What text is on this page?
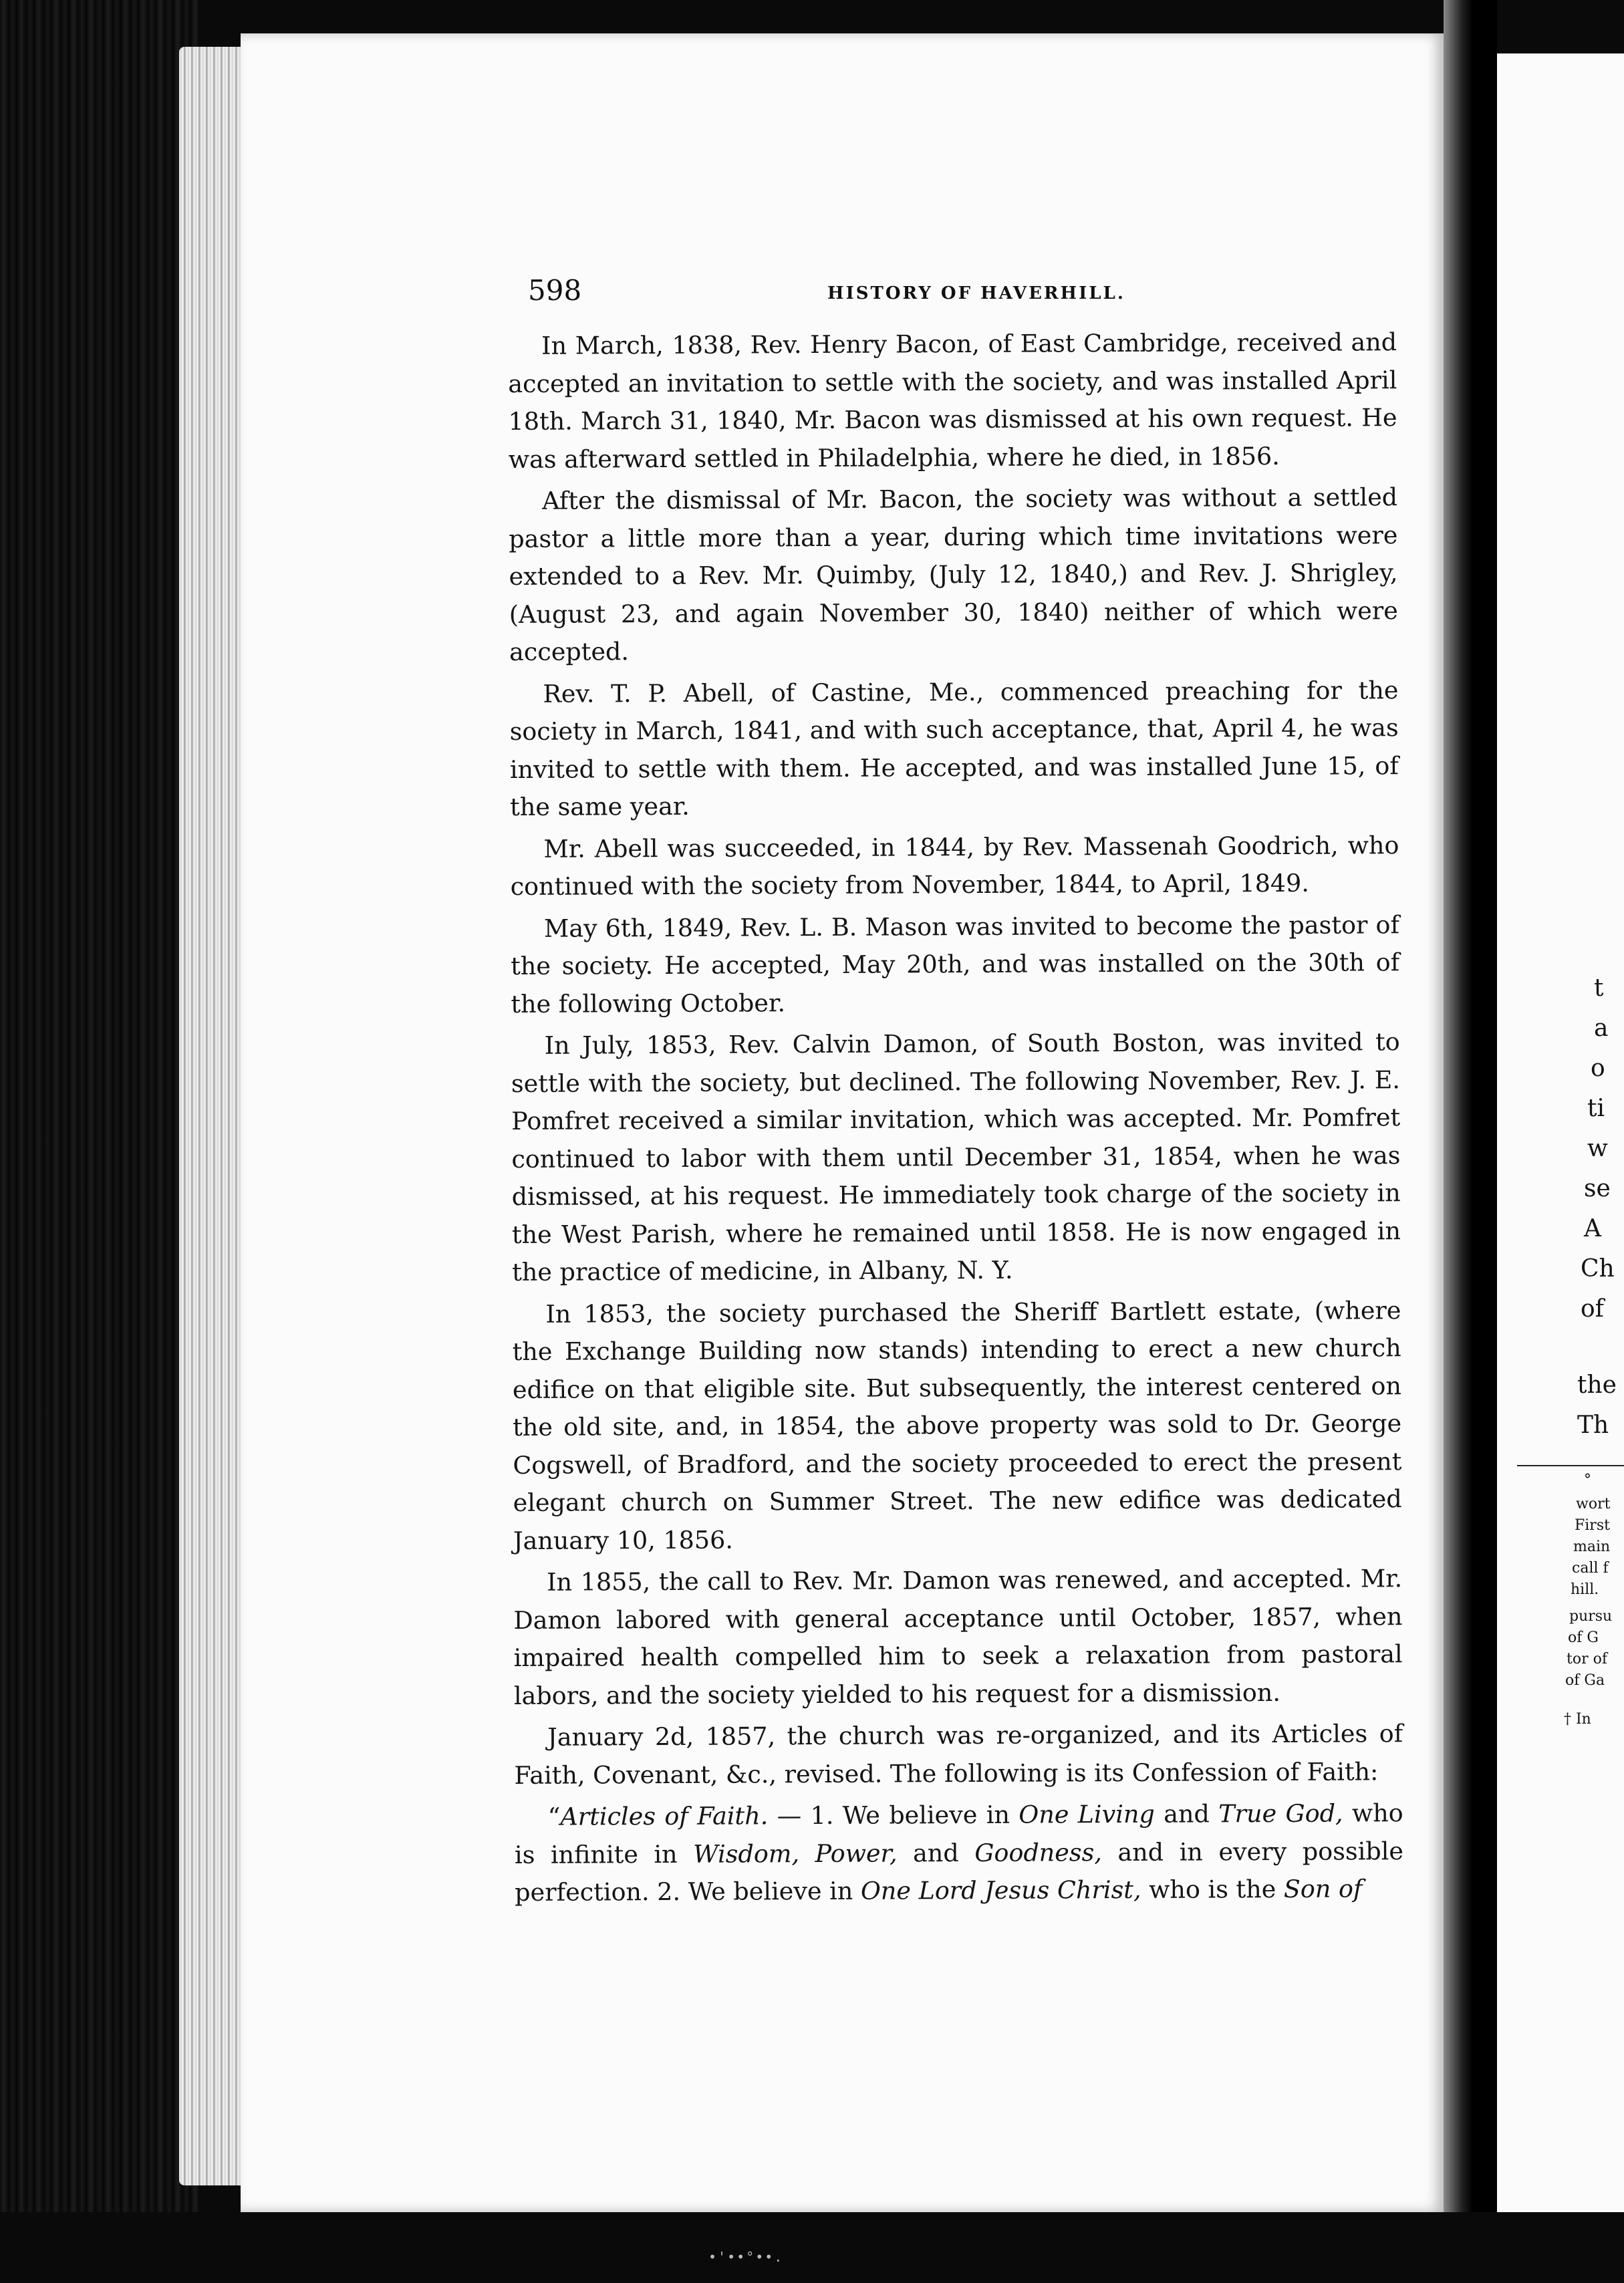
598	HISTORY OF HAVERHILL.

In March, 1838, Rev. Henry Bacon, of East Cambridge, received and accepted an invitation to settle with the society, and was installed April 18th. March 31, 1840, Mr. Bacon was dismissed at his own request. He was afterward settled in Philadelphia, where he died, in 1856.

After the dismissal of Mr. Bacon, the society was without a settled pastor a little more than a year, during which time invitations were extended to a Rev. Mr. Quimby, (July 12, 1840,) and Rev. J. Shrigley, (August 23, and again November 30, 1840) neither of which were accepted.

Rev. T. P. Abell, of Castine, Me., commenced preaching for the society in March, 1841, and with such acceptance, that, April 4, he was invited to settle with them. He accepted, and was installed June 15, of the same year.

Mr. Abell was succeeded, in 1844, by Rev. Massenah Goodrich, who continued with the society from November, 1844, to April, 1849.

May 6th, 1849, Rev. L. B. Mason was invited to become the pastor of the society. He accepted, May 20th, and was installed on the 30th of the following October.

In July, 1853, Rev. Calvin Damon, of South Boston, was invited to settle with the society, but declined. The following November, Rev. J. E. Pomfret received a similar invitation, which was accepted. Mr. Pomfret continued to labor with them until December 31, 1854, when he was dismissed, at his request. He immediately took charge of the society in the West Parish, where he remained until 1858. He is now engaged in the practice of medicine, in Albany, N. Y.

In 1853, the society purchased the Sheriff Bartlett estate, (where the Exchange Building now stands) intending to erect a new church edifice on that eligible site. But subsequently, the interest centered on the old site, and, in 1854, the above property was sold to Dr. George Cogswell, of Bradford, and the society proceeded to erect the present elegant church on Summer Street. The new edifice was dedicated January 10, 1856.

In 1855, the call to Rev. Mr. Damon was renewed, and accepted. Mr. Damon labored with general acceptance until October, 1857, when impaired health compelled him to seek a relaxation from pastoral labors, and the society yielded to his request for a dismission.

January 2d, 1857, the church was re-organized, and its Articles of Faith, Covenant, &c., revised. The following is its Confession of Faith:

“Articles of Faith. — 1. We believe in One Living and True God, who is infinite in Wisdom, Power, and Goodness, and in every possible perfection. 2. We believe in One Lord Jesus Christ, who is the Son of

t
a
o
ti
w
se
A
Ch
of
the
Th
°
wort
First
main
call f
hill.
pursu
of G
tor of
of Ga
† In
•'••°••.
